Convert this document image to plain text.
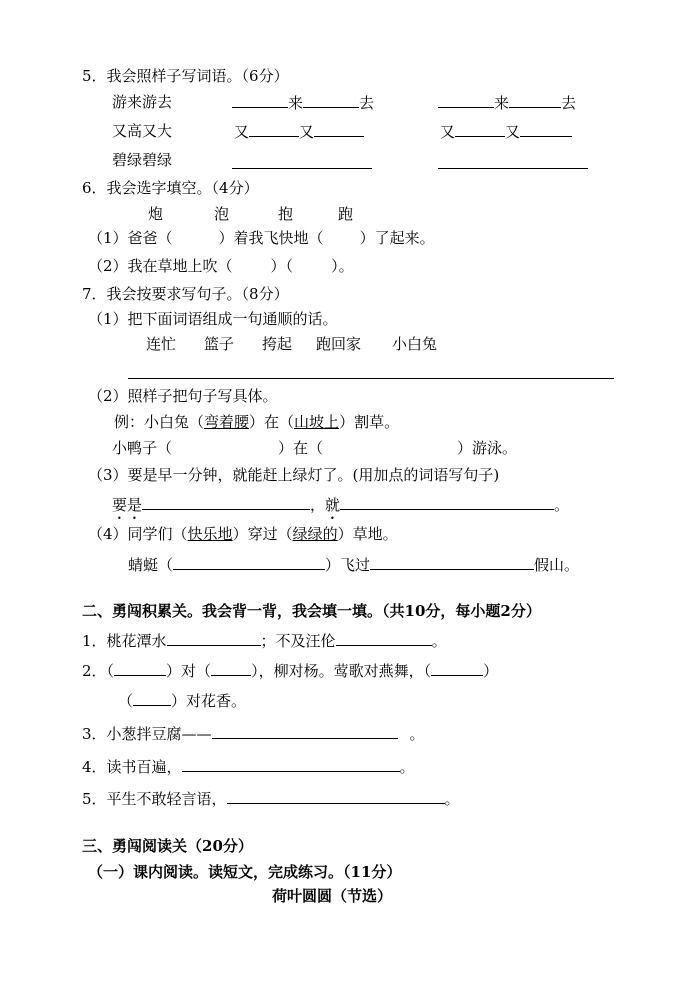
5．我会照样子写词语。（6分）
游来游去	来	去	来	去
又高又大	又	又	又	又
碧绿碧绿
6．我会选字填空。（4分）
炮	泡	抱	跑
（1）爸爸（	）着我飞快地（ ）了起来。
（2）我在草地上吹（	）（	）。
7．我会按要求写句子。（8分）
（1）把下面词语组成一句通顺的话。
连忙 篮子 挎起 跑回家 小白兔
（2）照样子把句子写具体。
例：小白兔（弯着腰）在（山坡上）割草。
小鸭子（	）在（	）游泳。
（3）要是早一分钟，就能赶上绿灯了。(用加点的词语写句子)
要是	，就	。
（4）同学们（快乐地）穿过（绿绿的）草地。
蜻蜓（	）飞过	假山。
二、勇闯积累关。我会背一背，我会填一填。（共10分，每小题2分）
1．桃花潭水	；不及汪伦	。
2．（	）对（	），柳对杨。莺歌对燕舞，（	）
（	）对花香。
3．小葱拌豆腐——	。
4．读书百遍，	。
5．平生不敢轻言语，	。
三、勇闯阅读关（20分）
（一）课内阅读。读短文，完成练习。（11分）
荷叶圆圆（节选）
